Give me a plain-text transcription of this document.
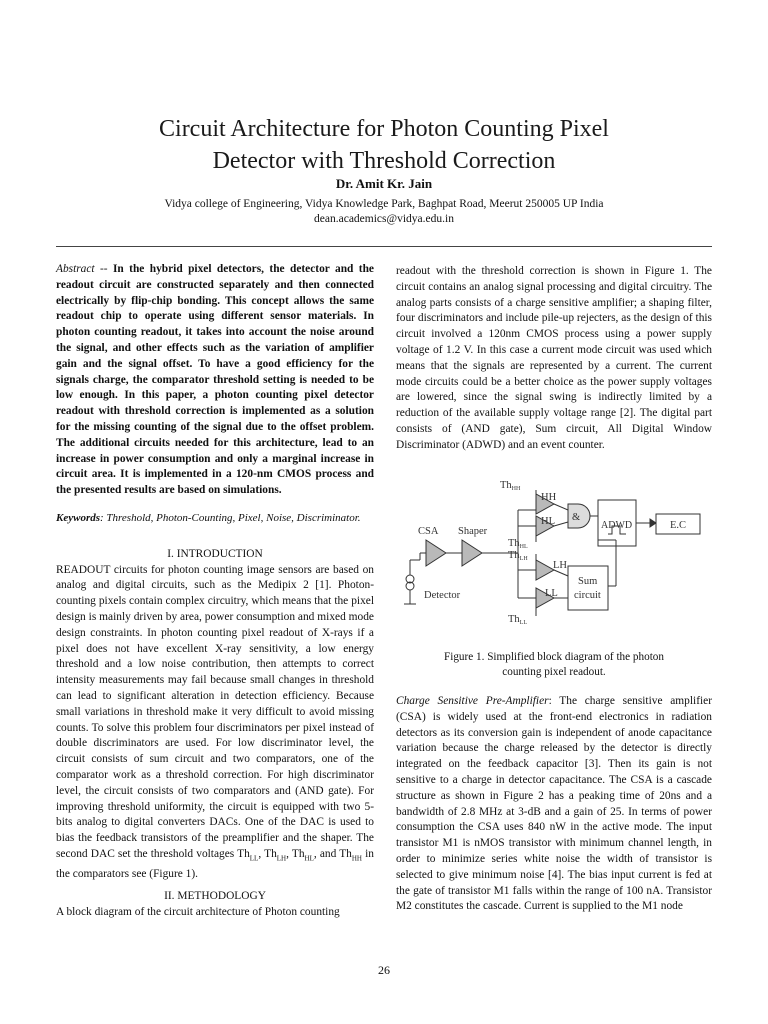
Circuit Architecture for Photon Counting Pixel
Detector with Threshold Correction
Dr. Amit Kr. Jain
Vidya college of Engineering, Vidya Knowledge Park, Baghpat Road, Meerut 250005 UP India
dean.academics@vidya.edu.in

Abstract -- In the hybrid pixel detectors, the detector and the readout circuit are constructed separately and then connected electrically by flip-chip bonding. This concept allows the same readout chip to operate using different sensor materials. In photon counting readout, it takes into account the noise around the signal, and other effects such as the variation of amplifier gain and the signal offset. To have a good efficiency for the signals charge, the comparator threshold setting is needed to be low enough. In this paper, a photon counting pixel detector readout with threshold correction is implemented as a solution for the missing counting of the signal due to the offset problem. The additional circuits needed for this architecture, lead to an increase in power consumption and only a marginal increase in circuit area. It is implemented in a 120-nm CMOS process and the presented results are based on simulations.

Keywords: Threshold, Photon-Counting, Pixel, Noise, Discriminator.

I. INTRODUCTION

READOUT circuits for photon counting image sensors are based on analog and digital circuits, such as the Medipix 2 [1]. Photon-counting pixels contain complex circuitry, which means that the pixel design is mainly driven by area, power consumption and mixed mode design constraints. In photon counting pixel readout of X-rays if a pixel does not have excellent X-ray sensitivity, a low energy threshold and a low noise contribution, then attempts to correct intensity measurements may fail because small changes in threshold can lead to significant alteration in detection efficiency. Because small variations in threshold make it very difficult to avoid missing counts. To solve this problem four discriminators per pixel instead of double discriminators are used. For low discriminator level, the circuit consists of sum circuit and two comparators, one of the comparator work as a threshold correction. For high discriminator level, the circuit consists of two comparators and (AND gate). For improving threshold uniformity, the circuit is equipped with two 5-bits analog to digital converters DACs. One of the DAC is used to bias the feedback transistors of the preamplifier and the shaper. The second DAC set the threshold voltages $Th_{LL}$, $Th_{LH}$, $Th_{HL}$, and $Th_{HH}$ in the comparators see (Figure 1).

II. METHODOLOGY

A block diagram of the circuit architecture of Photon counting

readout with the threshold correction is shown in Figure 1. The circuit contains an analog signal processing and digital circuitry. The analog parts consists of a charge sensitive amplifier; a shaping filter, four discriminators and include pile-up rejecters, as the design of this circuit involved a 120nm CMOS process using a power supply voltage of 1.2 V. In this case a current mode circuit was used which means that the signals are represented by a current. The current mode circuits could be a better choice as the power supply voltages are lowered, since the signal swing is indirectly limited by a reduction of the available supply voltage range [2]. The digital part consists of (AND gate), Sum circuit, All Digital Window Discriminator (ADWD) and an event counter.

CSA Shaper
Detector
HH
HL
LH
LL
&
ADWD	E.C
Sum
circuit
ThHH
ThHL
ThLH
ThLL
Figure 1. Simplified block diagram of the photon
counting pixel readout.

Charge Sensitive Pre-Amplifier: The charge sensitive amplifier (CSA) is widely used at the front-end electronics in radiation detectors as its conversion gain is independent of anode capacitance variation because the charge released by the detector is directly integrated on the feedback capacitor [3]. Then its gain is not sensitive to a charge in detector capacitance. The CSA is a cascade structure as shown in Figure 2 has a peaking time of 20ns and a bandwidth of 2.8 MHz at 3-dB and a gain of 25. In terms of power consumption the CSA uses 840 nW in the active mode. The input transistor M1 is nMOS transistor with minimum channel length, in order to minimize series white noise the width of transistor is selected to give minimum noise [4]. The bias input current is fed at the gate of transistor M1 falls within the range of 100 nA. Transistor M2 constitutes the cascade. Current is supplied to the M1 node

26
